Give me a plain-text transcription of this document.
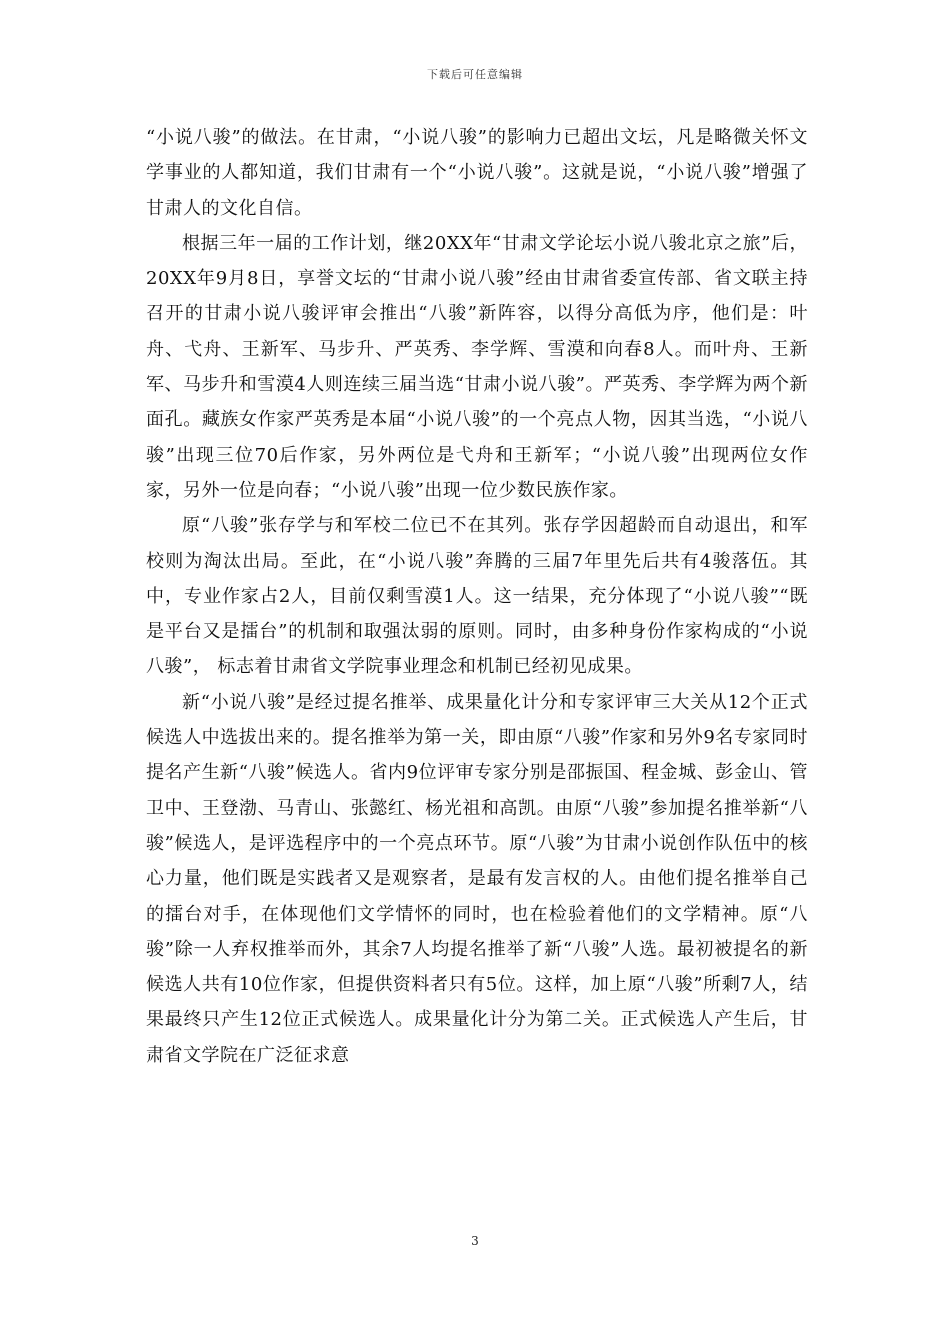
下载后可任意编辑

“小说八骏”的做法。在甘肃，“小说八骏”的影响力已超出文坛，凡是略微关怀文学事业的人都知道，我们甘肃有一个“小说八骏”。这就是说，“小说八骏”增强了甘肃人的文化自信。

根据三年一届的工作计划，继20XX年“甘肃文学论坛小说八骏北京之旅”后，20XX年9月8日，享誉文坛的“甘肃小说八骏”经由甘肃省委宣传部、省文联主持召开的甘肃小说八骏评审会推出“八骏”新阵容，以得分高低为序，他们是：叶舟、弋舟、王新军、马步升、严英秀、李学辉、雪漠和向春8人。而叶舟、王新军、马步升和雪漠4人则连续三届当选“甘肃小说八骏”。严英秀、李学辉为两个新面孔。藏族女作家严英秀是本届“小说八骏”的一个亮点人物，因其当选，“小说八骏”出现三位70后作家，另外两位是弋舟和王新军；“小说八骏”出现两位女作家，另外一位是向春；“小说八骏”出现一位少数民族作家。

原“八骏”张存学与和军校二位已不在其列。张存学因超龄而自动退出，和军校则为淘汰出局。至此，在“小说八骏”奔腾的三届7年里先后共有4骏落伍。其中，专业作家占2人，目前仅剩雪漠1人。这一结果，充分体现了“小说八骏”“既是平台又是擂台”的机制和取强汰弱的原则。同时，由多种身份作家构成的“小说八骏”， 标志着甘肃省文学院事业理念和机制已经初见成果。

新“小说八骏”是经过提名推举、成果量化计分和专家评审三大关从12个正式候选人中选拔出来的。提名推举为第一关，即由原“八骏”作家和另外9名专家同时提名产生新“八骏”候选人。省内9位评审专家分别是邵振国、程金城、彭金山、管卫中、王登渤、马青山、张懿红、杨光祖和高凯。由原“八骏”参加提名推举新“八骏”候选人，是评选程序中的一个亮点环节。原“八骏”为甘肃小说创作队伍中的核心力量，他们既是实践者又是观察者，是最有发言权的人。由他们提名推举自己的擂台对手，在体现他们文学情怀的同时，也在检验着他们的文学精神。原“八骏”除一人弃权推举而外，其余7人均提名推举了新“八骏”人选。最初被提名的新候选人共有10位作家，但提供资料者只有5位。这样，加上原“八骏”所剩7人，结果最终只产生12位正式候选人。成果量化计分为第二关。正式候选人产生后，甘肃省文学院在广泛征求意

3
